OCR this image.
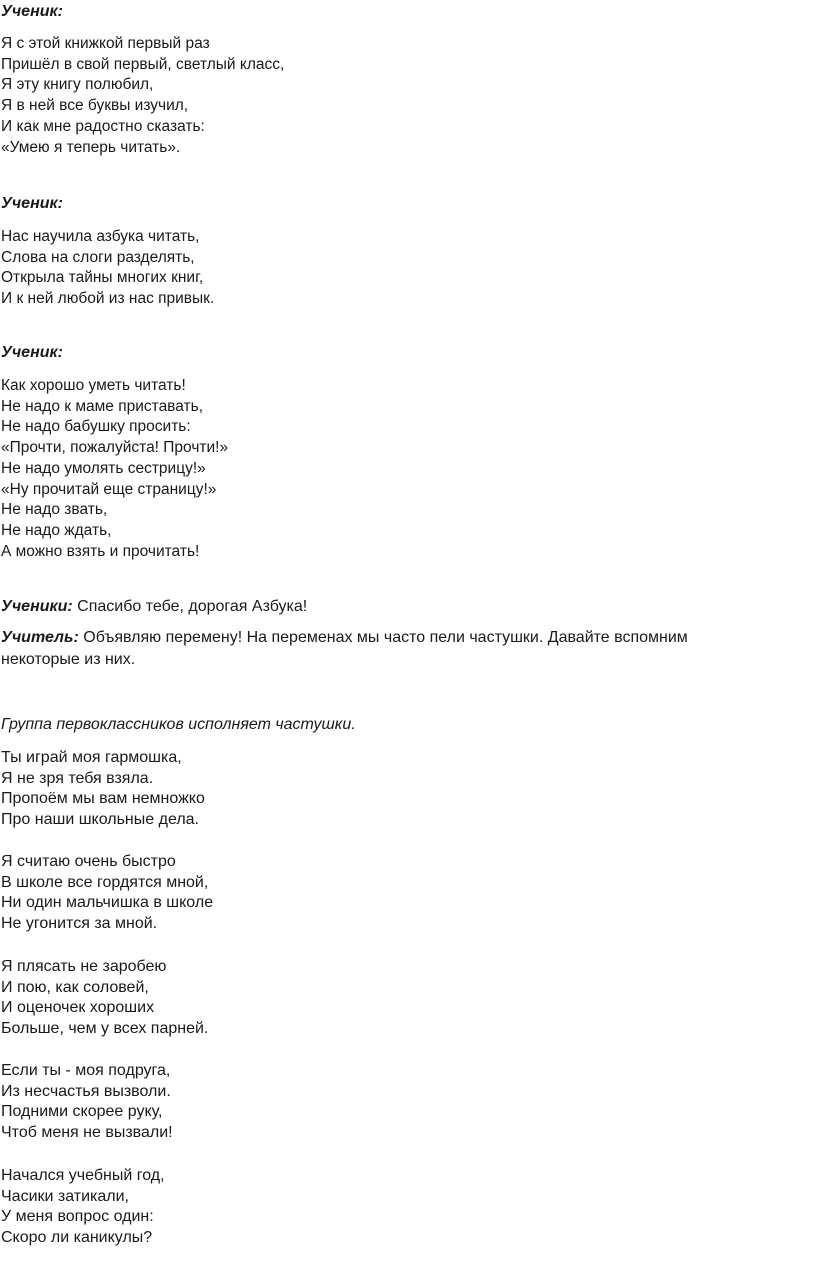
Ученик:

Я с этой книжкой первый раз
Пришёл в свой первый, светлый класс,
Я эту книгу полюбил,
Я в ней все буквы изучил,
И как мне радостно сказать:
«Умею я теперь читать».

Ученик:

Нас научила азбука читать,
Слова на слоги разделять,
Открыла тайны многих книг,
И к ней любой из нас привык.

Ученик:

Как хорошо уметь читать!
Не надо к маме приставать,
Не надо бабушку просить:
«Прочти, пожалуйста! Прочти!»
Не надо умолять сестрицу!»
«Ну прочитай еще страницу!»
Не надо звать,
Не надо ждать,
А можно взять и прочитать!

Ученики: Спасибо тебе, дорогая Азбука!

Учитель: Объявляю перемену! На переменах мы часто пели частушки. Давайте вспомним
некоторые из них.

Группа первоклассников исполняет частушки.

Ты играй моя гармошка,
Я не зря тебя взяла.
Пропоём мы вам немножко
Про наши школьные дела.

Я считаю очень быстро
В школе все гордятся мной,
Ни один мальчишка в школе
Не угонится за мной.

Я плясать не заробею
И пою, как соловей,
И оценочек хороших
Больше, чем у всех парней.

Если ты - моя подруга,
Из несчастья вызволи.
Подними скорее руку,
Чтоб меня не вызвали!

Начался учебный год,
Часики затикали,
У меня вопрос один:
Скоро ли каникулы?
